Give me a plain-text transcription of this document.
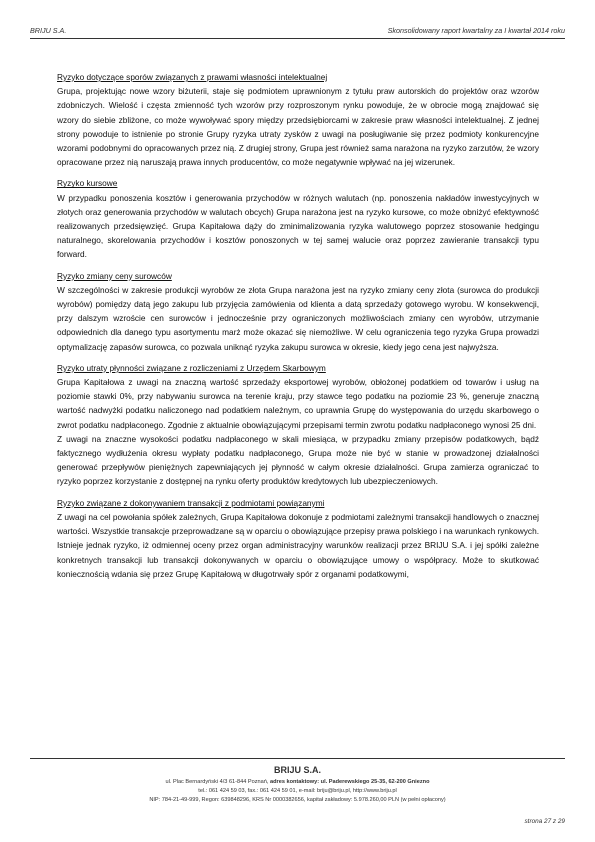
BRIJU S.A.	Skonsolidowany raport kwartalny za I kwartał 2014 roku

Ryzyko dotyczące sporów związanych z prawami własności intelektualnej

Grupa, projektując nowe wzory biżuterii, staje się podmiotem uprawnionym z tytułu praw autorskich do projektów oraz wzorów zdobniczych. Wielość i częsta zmienność tych wzorów przy rozproszonym rynku powoduje, że w obrocie mogą znajdować się wzory do siebie zbliżone, co może wywoływać spory między przedsiębiorcami w zakresie praw własności intelektualnej. Z jednej strony powoduje to istnienie po stronie Grupy ryzyka utraty zysków z uwagi na posługiwanie się przez podmioty konkurencyjne wzorami podobnymi do opracowanych przez nią. Z drugiej strony, Grupa jest również sama narażona na ryzyko zarzutów, że wzory opracowane przez nią naruszają prawa innych producentów, co może negatywnie wpływać na jej wizerunek.

Ryzyko kursowe

W przypadku ponoszenia kosztów i generowania przychodów w różnych walutach (np. ponoszenia nakładów inwestycyjnych w złotych oraz generowania przychodów w walutach obcych) Grupa narażona jest na ryzyko kursowe, co może obniżyć efektywność realizowanych przedsięwzięć. Grupa Kapitałowa dąży do zminimalizowania ryzyka walutowego poprzez stosowanie hedgingu naturalnego, skorelowania przychodów i kosztów ponoszonych w tej samej walucie oraz poprzez zawieranie transakcji typu forward.

Ryzyko zmiany ceny surowców

W szczególności w zakresie produkcji wyrobów ze złota Grupa narażona jest na ryzyko zmiany ceny złota (surowca do produkcji wyrobów) pomiędzy datą jego zakupu lub przyjęcia zamówienia od klienta a datą sprzedaży gotowego wyrobu. W konsekwencji, przy dalszym wzroście cen surowców i jednocześnie przy ograniczonych możliwościach zmiany cen wyrobów, utrzymanie odpowiednich dla danego typu asortymentu marż może okazać się niemożliwe. W celu ograniczenia tego ryzyka Grupa prowadzi optymalizację zapasów surowca, co pozwala uniknąć ryzyka zakupu surowca w okresie, kiedy jego cena jest najwyższa.

Ryzyko utraty płynności związane z rozliczeniami z Urzędem Skarbowym

Grupa Kapitałowa z uwagi na znaczną wartość sprzedaży eksportowej wyrobów, obłożonej podatkiem od towarów i usług na poziomie stawki 0%, przy nabywaniu surowca na terenie kraju, przy stawce tego podatku na poziomie 23 %, generuje znaczną wartość nadwyżki podatku naliczonego nad podatkiem należnym, co uprawnia Grupę do występowania do urzędu skarbowego o zwrot podatku nadpłaconego. Zgodnie z aktualnie obowiązującymi przepisami termin zwrotu podatku nadpłaconego wynosi 25 dni.

Z uwagi na znaczne wysokości podatku nadpłaconego w skali miesiąca, w przypadku zmiany przepisów podatkowych, bądź faktycznego wydłużenia okresu wypłaty podatku nadpłaconego, Grupa może nie być w stanie w prowadzonej działalności generować przepływów pieniężnych zapewniających jej płynność w całym okresie działalności. Grupa zamierza ograniczać to ryzyko poprzez korzystanie z dostępnej na rynku oferty produktów kredytowych lub ubezpieczeniowych.

Ryzyko związane z dokonywaniem transakcji z podmiotami powiązanymi

Z uwagi na cel powołania spółek zależnych, Grupa Kapitałowa dokonuje z podmiotami zależnymi transakcji handlowych o znacznej wartości. Wszystkie transakcje przeprowadzane są w oparciu o obowiązujące przepisy prawa polskiego i na warunkach rynkowych. Istnieje jednak ryzyko, iż odmiennej oceny przez organ administracyjny warunków realizacji przez BRIJU S.A. i jej spółki zależne konkretnych transakcji lub transakcji dokonywanych w oparciu o obowiązujące umowy o współpracy. Może to skutkować koniecznością wdania się przez Grupę Kapitałową w długotrwały spór z organami podatkowymi,

BRIJU S.A.
ul. Plac Bernardyński 4/3 61-844 Poznań, adres kontaktowy: ul. Paderewskiego 25-35, 62-200 Gniezno
tel.: 061 424 59 03, fax.: 061 424 59 01, e-mail: briju@briju.pl, http://www.briju.pl
NIP: 784-21-49-999, Regon: 639848296, KRS Nr 0000382656, kapitał zakładowy: 5.978.260,00 PLN (w pełni opłacony)
strona 27 z 29
